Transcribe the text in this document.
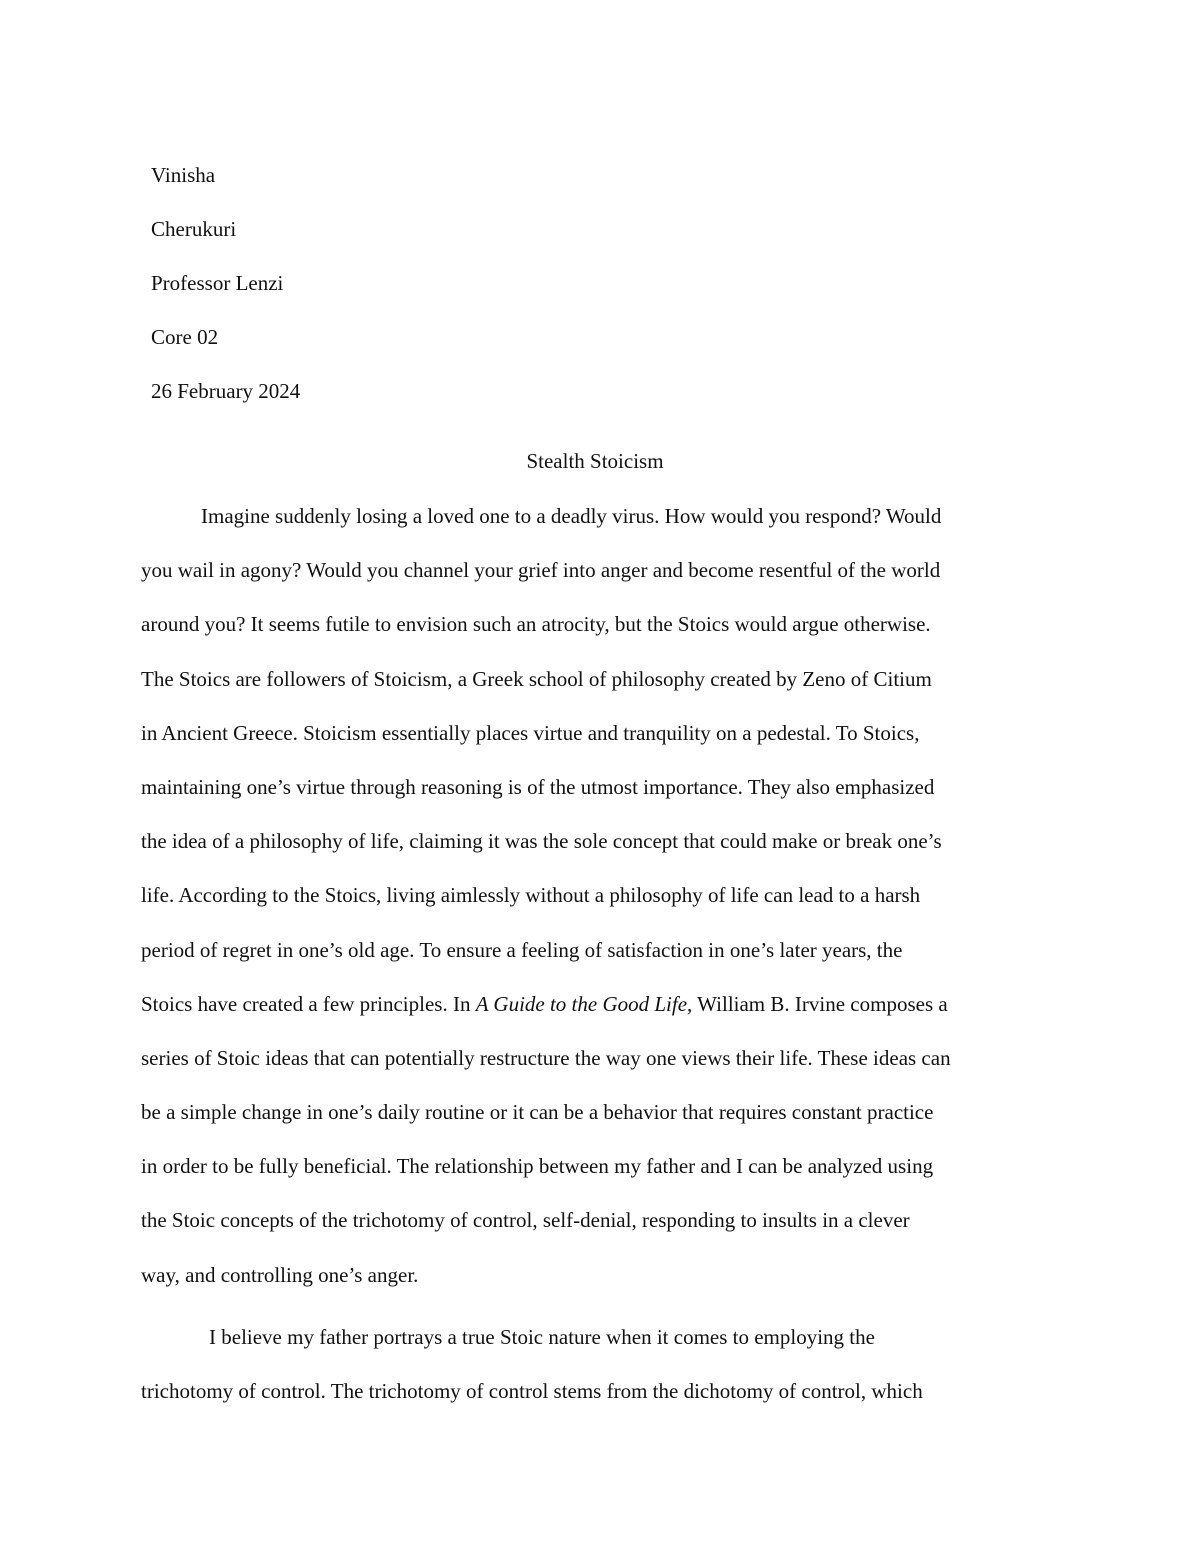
Vinisha
Cherukuri
Professor Lenzi
Core 02
26 February 2024
Stealth Stoicism
Imagine suddenly losing a loved one to a deadly virus. How would you respond? Would
you wail in agony? Would you channel your grief into anger and become resentful of the world
around you? It seems futile to envision such an atrocity, but the Stoics would argue otherwise.
The Stoics are followers of Stoicism, a Greek school of philosophy created by Zeno of Citium
in Ancient Greece. Stoicism essentially places virtue and tranquility on a pedestal. To Stoics,
maintaining one’s virtue through reasoning is of the utmost importance. They also emphasized
the idea of a philosophy of life, claiming it was the sole concept that could make or break one’s
life. According to the Stoics, living aimlessly without a philosophy of life can lead to a harsh
period of regret in one’s old age. To ensure a feeling of satisfaction in one’s later years, the
Stoics have created a few principles. In A Guide to the Good Life, William B. Irvine composes a
series of Stoic ideas that can potentially restructure the way one views their life. These ideas can
be a simple change in one’s daily routine or it can be a behavior that requires constant practice
in order to be fully beneficial. The relationship between my father and I can be analyzed using
the Stoic concepts of the trichotomy of control, self-denial, responding to insults in a clever
way, and controlling one’s anger.
I believe my father portrays a true Stoic nature when it comes to employing the
trichotomy of control. The trichotomy of control stems from the dichotomy of control, which
